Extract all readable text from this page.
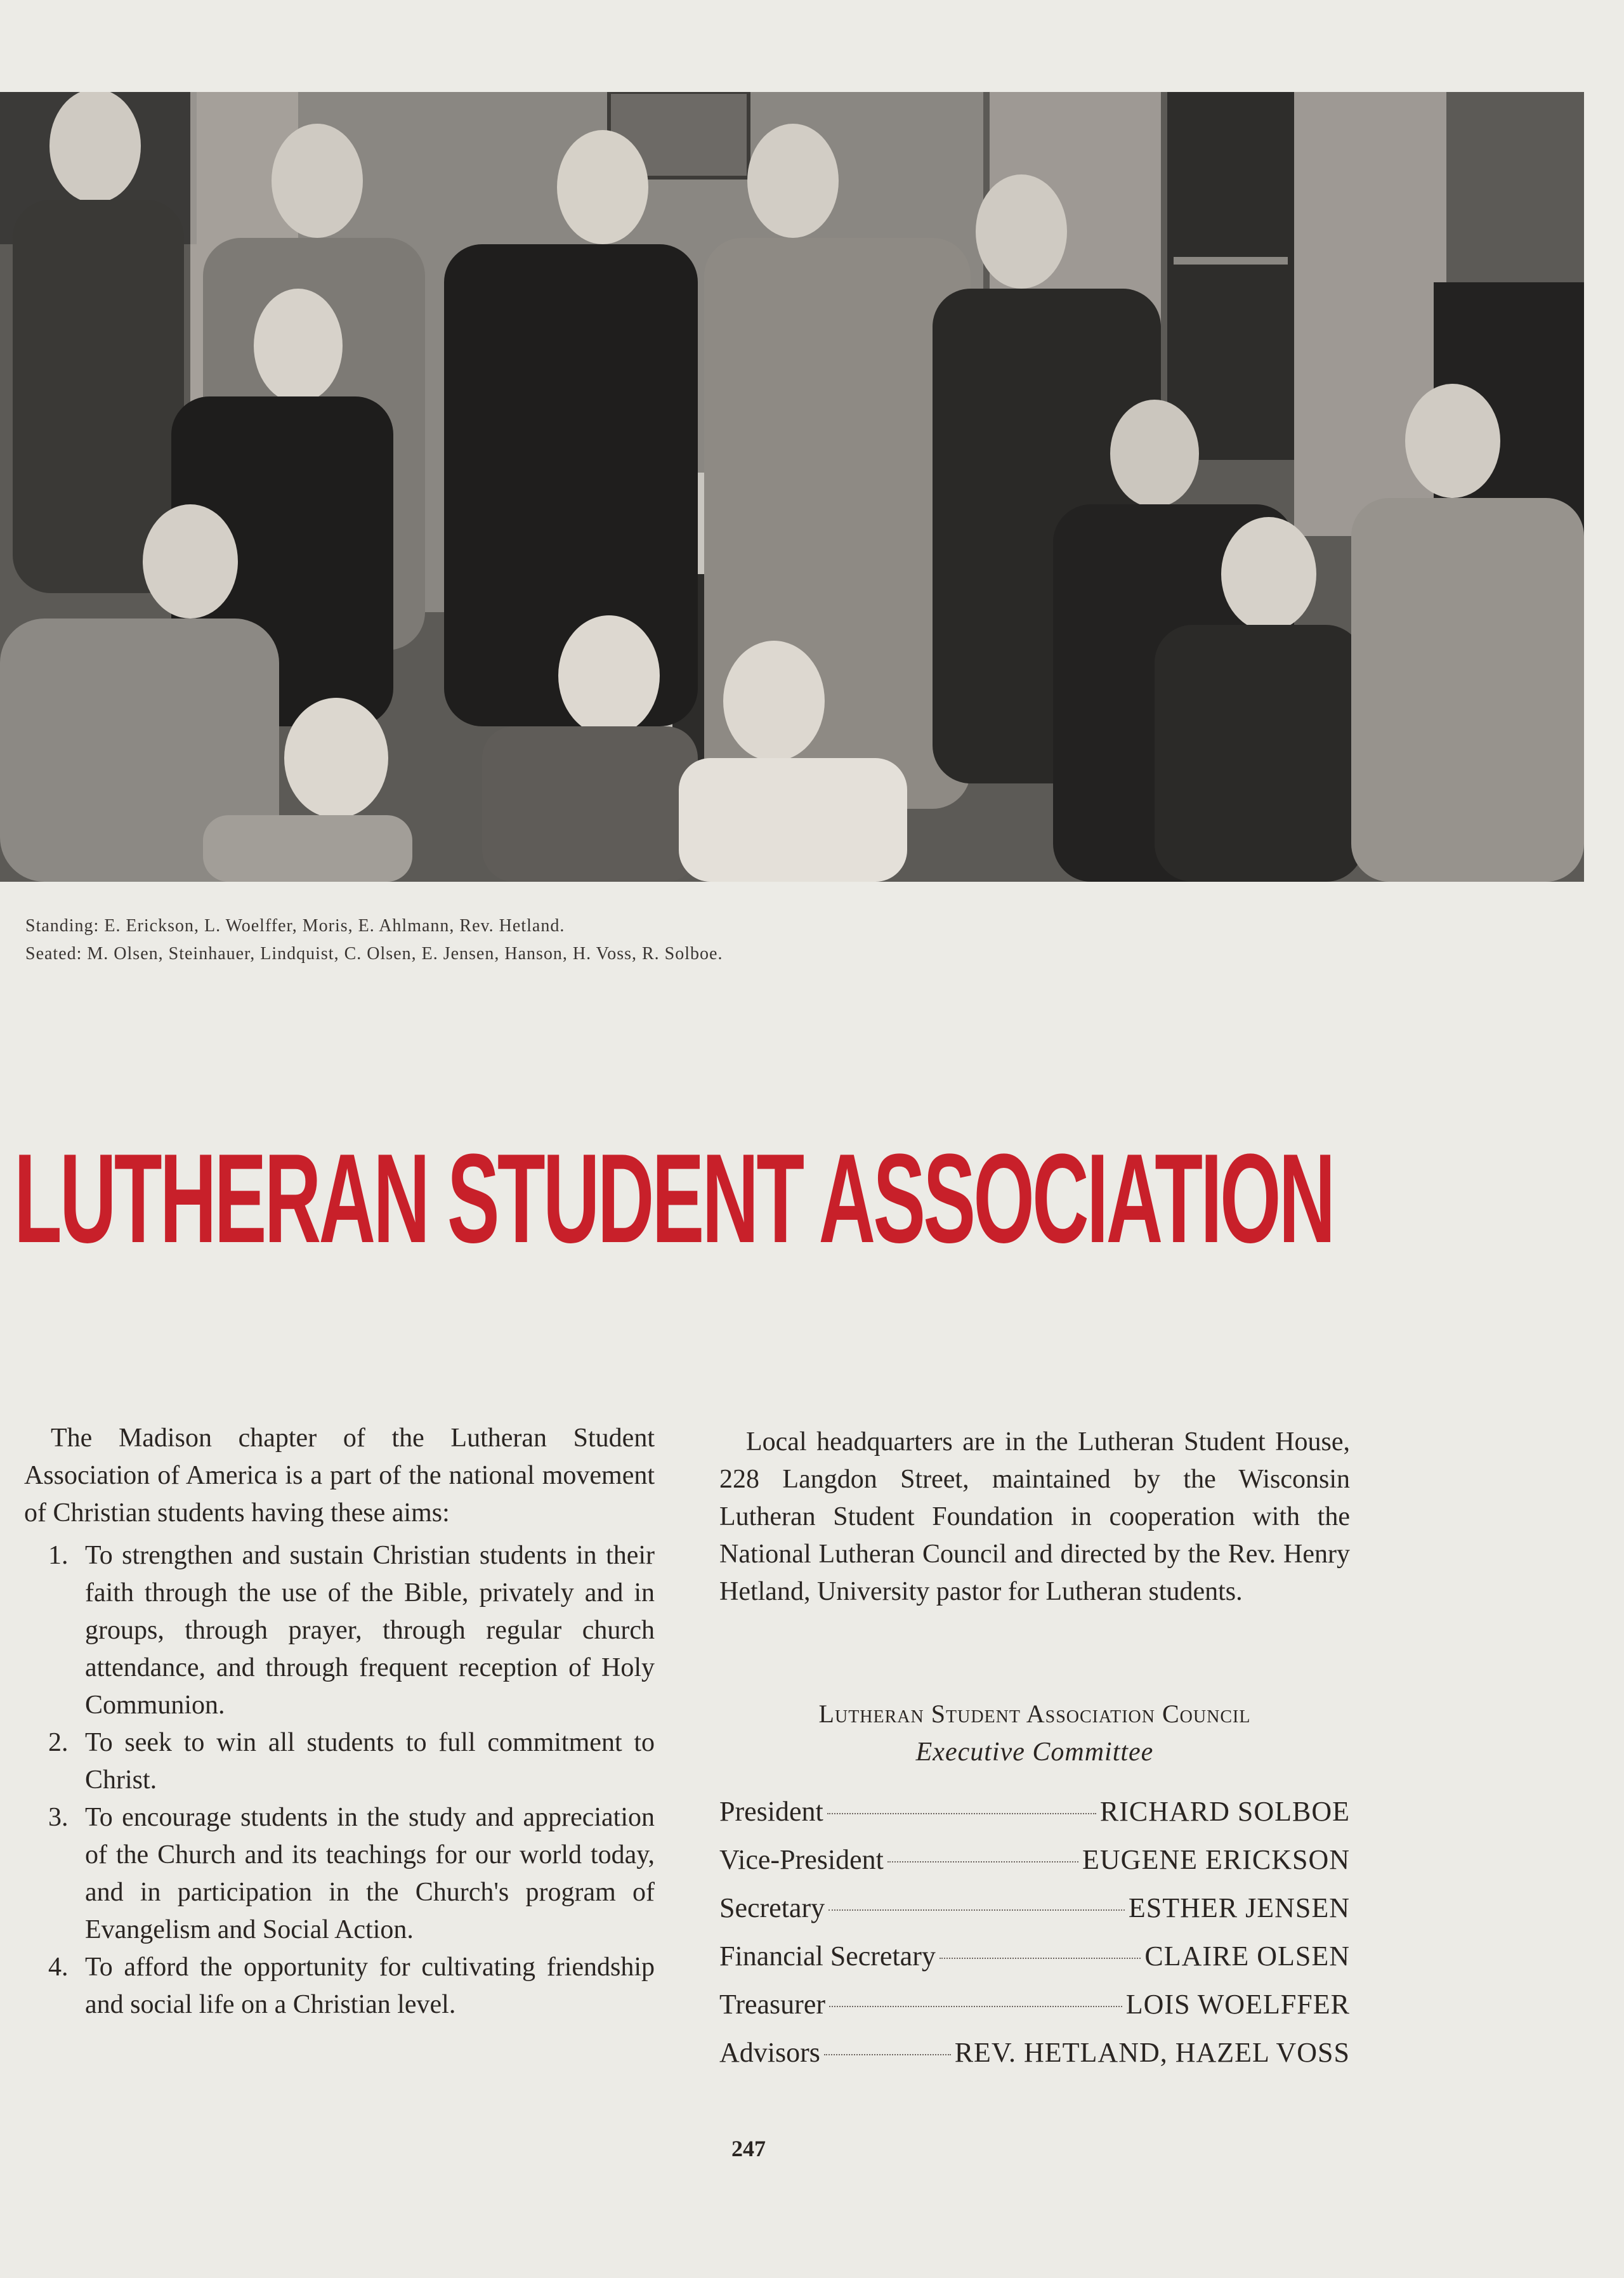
Standing: E. Erickson, L. Woelffer, Moris, E. Ahlmann, Rev. Hetland.
Seated: M. Olsen, Steinhauer, Lindquist, C. Olsen, E. Jensen, Hanson, H. Voss, R. Solboe.
LUTHERAN STUDENT ASSOCIATION

The Madison chapter of the Lutheran Student Association of America is a part of the national movement of Christian students having these aims:

1. To strengthen and sustain Christian students in their faith through the use of the Bible, privately and in groups, through prayer, through regular church attendance, and through frequent reception of Holy Communion.
2. To seek to win all students to full commitment to Christ.
3. To encourage students in the study and appreciation of the Church and its teachings for our world today, and in participation in the Church's program of Evangelism and Social Action.
4. To afford the opportunity for cultivating friendship and social life on a Christian level.

Local headquarters are in the Lutheran Student House, 228 Langdon Street, maintained by the Wisconsin Lutheran Student Foundation in cooperation with the National Lutheran Council and directed by the Rev. Henry Hetland, University pastor for Lutheran students.

Lutheran Student Association Council
Executive Committee
President	RICHARD SOLBOE
Vice-President	EUGENE ERICKSON
Secretary	ESTHER JENSEN
Financial Secretary	CLAIRE OLSEN
Treasurer	LOIS WOELFFER
Advisors	REV. HETLAND, HAZEL VOSS
247
